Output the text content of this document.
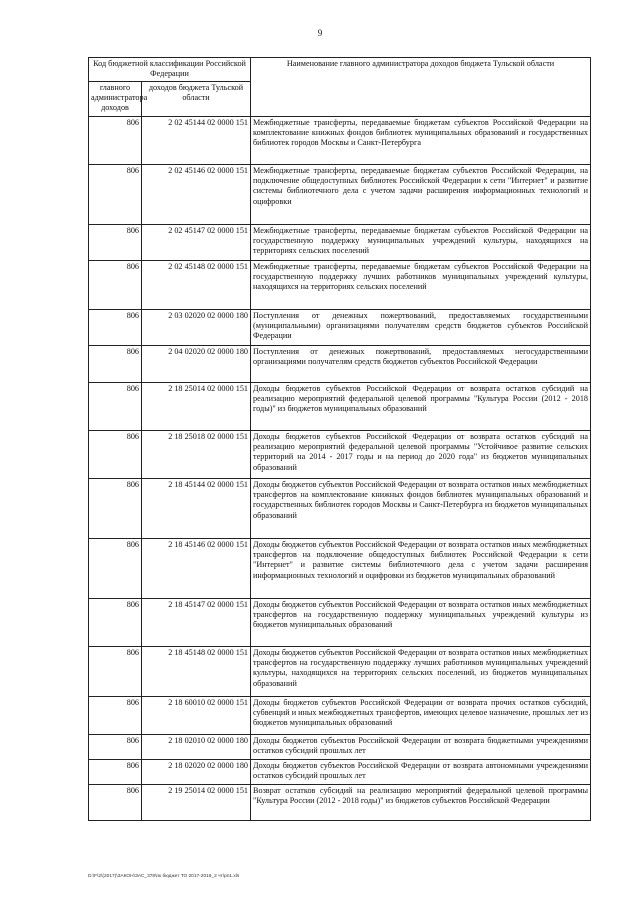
9
Код бюджетной классификации Российской Федерации		Наименование главного администратора доходов бюджета Тульской области
главного администратора доходов	доходов бюджета Тульской области	
806	2 02 45144 02 0000 151	Межбюджетные трансферты, передаваемые бюджетам субъектов Российской Федерации на комплектование книжных фондов библиотек муниципальных образований и государственных библиотек городов Москвы и Санкт-Петербурга
806	2 02 45146 02 0000 151	Межбюджетные трансферты, передаваемые бюджетам субъектов Российской Федерации, на подключение общедоступных библиотек Российской Федерации к сети "Интернет" и развитие системы библиотечного дела с учетом задачи расширения информационных технологий и оцифровки
806	2 02 45147 02 0000 151	Межбюджетные трансферты, передаваемые бюджетам субъектов Российской Федерации на государственную поддержку муниципальных учреждений культуры, находящихся на территориях сельских поселений
806	2 02 45148 02 0000 151	Межбюджетные трансферты, передаваемые бюджетам субъектов Российской Федерации на государственную поддержку лучших работников муниципальных учреждений культуры, находящихся на территориях сельских поселений
806	2 03 02020 02 0000 180	Поступления от денежных пожертвований, предоставляемых государственными (муниципальными) организациями получателям средств бюджетов субъектов Российской Федерации
806	2 04 02020 02 0000 180	Поступления от денежных пожертвований, предоставляемых негосударственными организациями получателям средств бюджетов субъектов Российской Федерации
806	2 18 25014 02 0000 151	Доходы бюджетов субъектов Российской Федерации от возврата остатков субсидий на реализацию мероприятий федеральной целевой программы "Культура России (2012 - 2018 годы)" из бюджетов муниципальных образований
806	2 18 25018 02 0000 151	Доходы бюджетов субъектов Российской Федерации от возврата остатков субсидий на реализацию мероприятий федеральной целевой программы "Устойчивое развитие сельских территорий на 2014 - 2017 годы и на период до 2020 года" из бюджетов муниципальных образований
806	2 18 45144 02 0000 151	Доходы бюджетов субъектов Российской Федерации от возврата остатков иных межбюджетных трансфертов на комплектование книжных фондов библиотек муниципальных образований и государственных библиотек городов Москвы и Санкт-Петербурга из бюджетов муниципальных образований
806	2 18 45146 02 0000 151	Доходы бюджетов субъектов Российской Федерации от возврата остатков иных межбюджетных трансфертов на подключение общедоступных библиотек Российской Федерации к сети "Интернет" и развитие системы библиотечного дела с учетом задачи расширения информационных технологий и оцифровки из бюджетов муниципальных образований
806	2 18 45147 02 0000 151	Доходы бюджетов субъектов Российской Федерации от возврата остатков иных межбюджетных трансфертов на государственную поддержку муниципальных учреждений культуры из бюджетов муниципальных образований
806	2 18 45148 02 0000 151	Доходы бюджетов субъектов Российской Федерации от возврата остатков иных межбюджетных трансфертов на государственную поддержку лучших работников муниципальных учреждений культуры, находящихся на территориях сельских поселений, из бюджетов муниципальных образований
806	2 18 60010 02 0000 151	Доходы бюджетов субъектов Российской Федерации от возврата прочих остатков субсидий, субвенций и иных межбюджетных трансфертов, имеющих целевое назначение, прошлых лет из бюджетов муниципальных образований
806	2 18 02010 02 0000 180	Доходы бюджетов субъектов Российской Федерации от возврата бюджетными учреждениями остатков субсидий прошлых лет
806	2 18 02020 02 0000 180	Доходы бюджетов субъектов Российской Федерации от возврата автономными учреждениями остатков субсидий прошлых лет
806	2 19 25014 02 0000 151	Возврат остатков субсидий на реализацию мероприятий федеральной целевой программы "Культура России (2012 - 2018 годы)" из бюджетов субъектов Российской Федерации
D:\F\2\(2017)\ЗАКОН\ЗАС_378\пк бюджет ТО 2017-2019_2 чт\рп1.xls
